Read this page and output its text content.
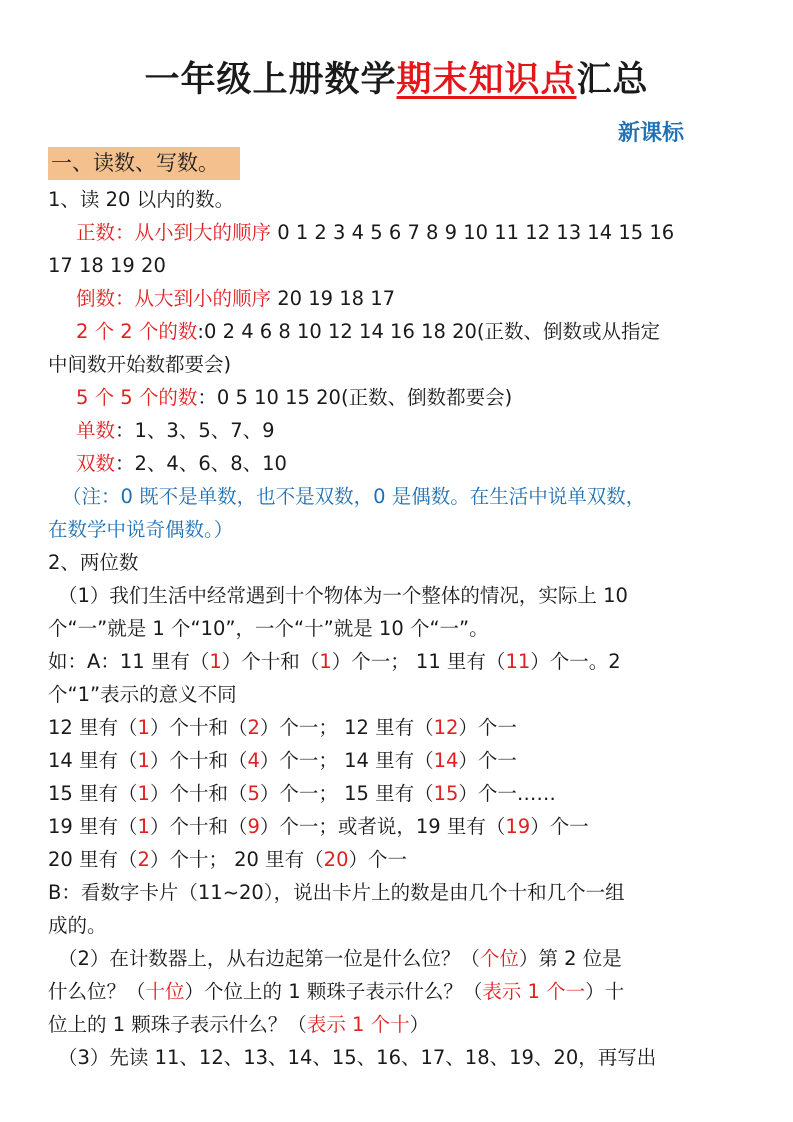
一年级上册数学期末知识点汇总
新课标
一、读数、写数。
1、读 20 以内的数。
正数：从小到大的顺序 0 1 2 3 4 5 6 7 8 9 10 11 12 13 14 15 16
17 18 19 20
倒数：从大到小的顺序 20 19 18 17
2 个 2 个的数:0 2 4 6 8 10 12 14 16 18 20(正数、倒数或从指定
中间数开始数都要会)
5 个 5 个的数：0 5 10 15 20(正数、倒数都要会)
单数：1、3、5、7、9
双数：2、4、6、8、10
（注：0 既不是单数，也不是双数，0 是偶数。在生活中说单双数，
在数学中说奇偶数。）
2、两位数
（1）我们生活中经常遇到十个物体为一个整体的情况，实际上 10
个“一”就是 1 个“10”，一个“十”就是 10 个“一”。
如：A：11 里有（1）个十和（1）个一； 11 里有（11）个一。2
个“1”表示的意义不同
12 里有（1）个十和（2）个一； 12 里有（12）个一
14 里有（1）个十和（4）个一； 14 里有（14）个一
15 里有（1）个十和（5）个一； 15 里有（15）个一……
19 里有（1）个十和（9）个一；或者说，19 里有（19）个一
20 里有（2）个十； 20 里有（20）个一
B：看数字卡片（11~20），说出卡片上的数是由几个十和几个一组
成的。
（2）在计数器上，从右边起第一位是什么位？（个位）第 2 位是
什么位？（十位）个位上的 1 颗珠子表示什么？（表示 1 个一）十
位上的 1 颗珠子表示什么？（表示 1 个十）
（3）先读 11、12、13、14、15、16、17、18、19、20，再写出
